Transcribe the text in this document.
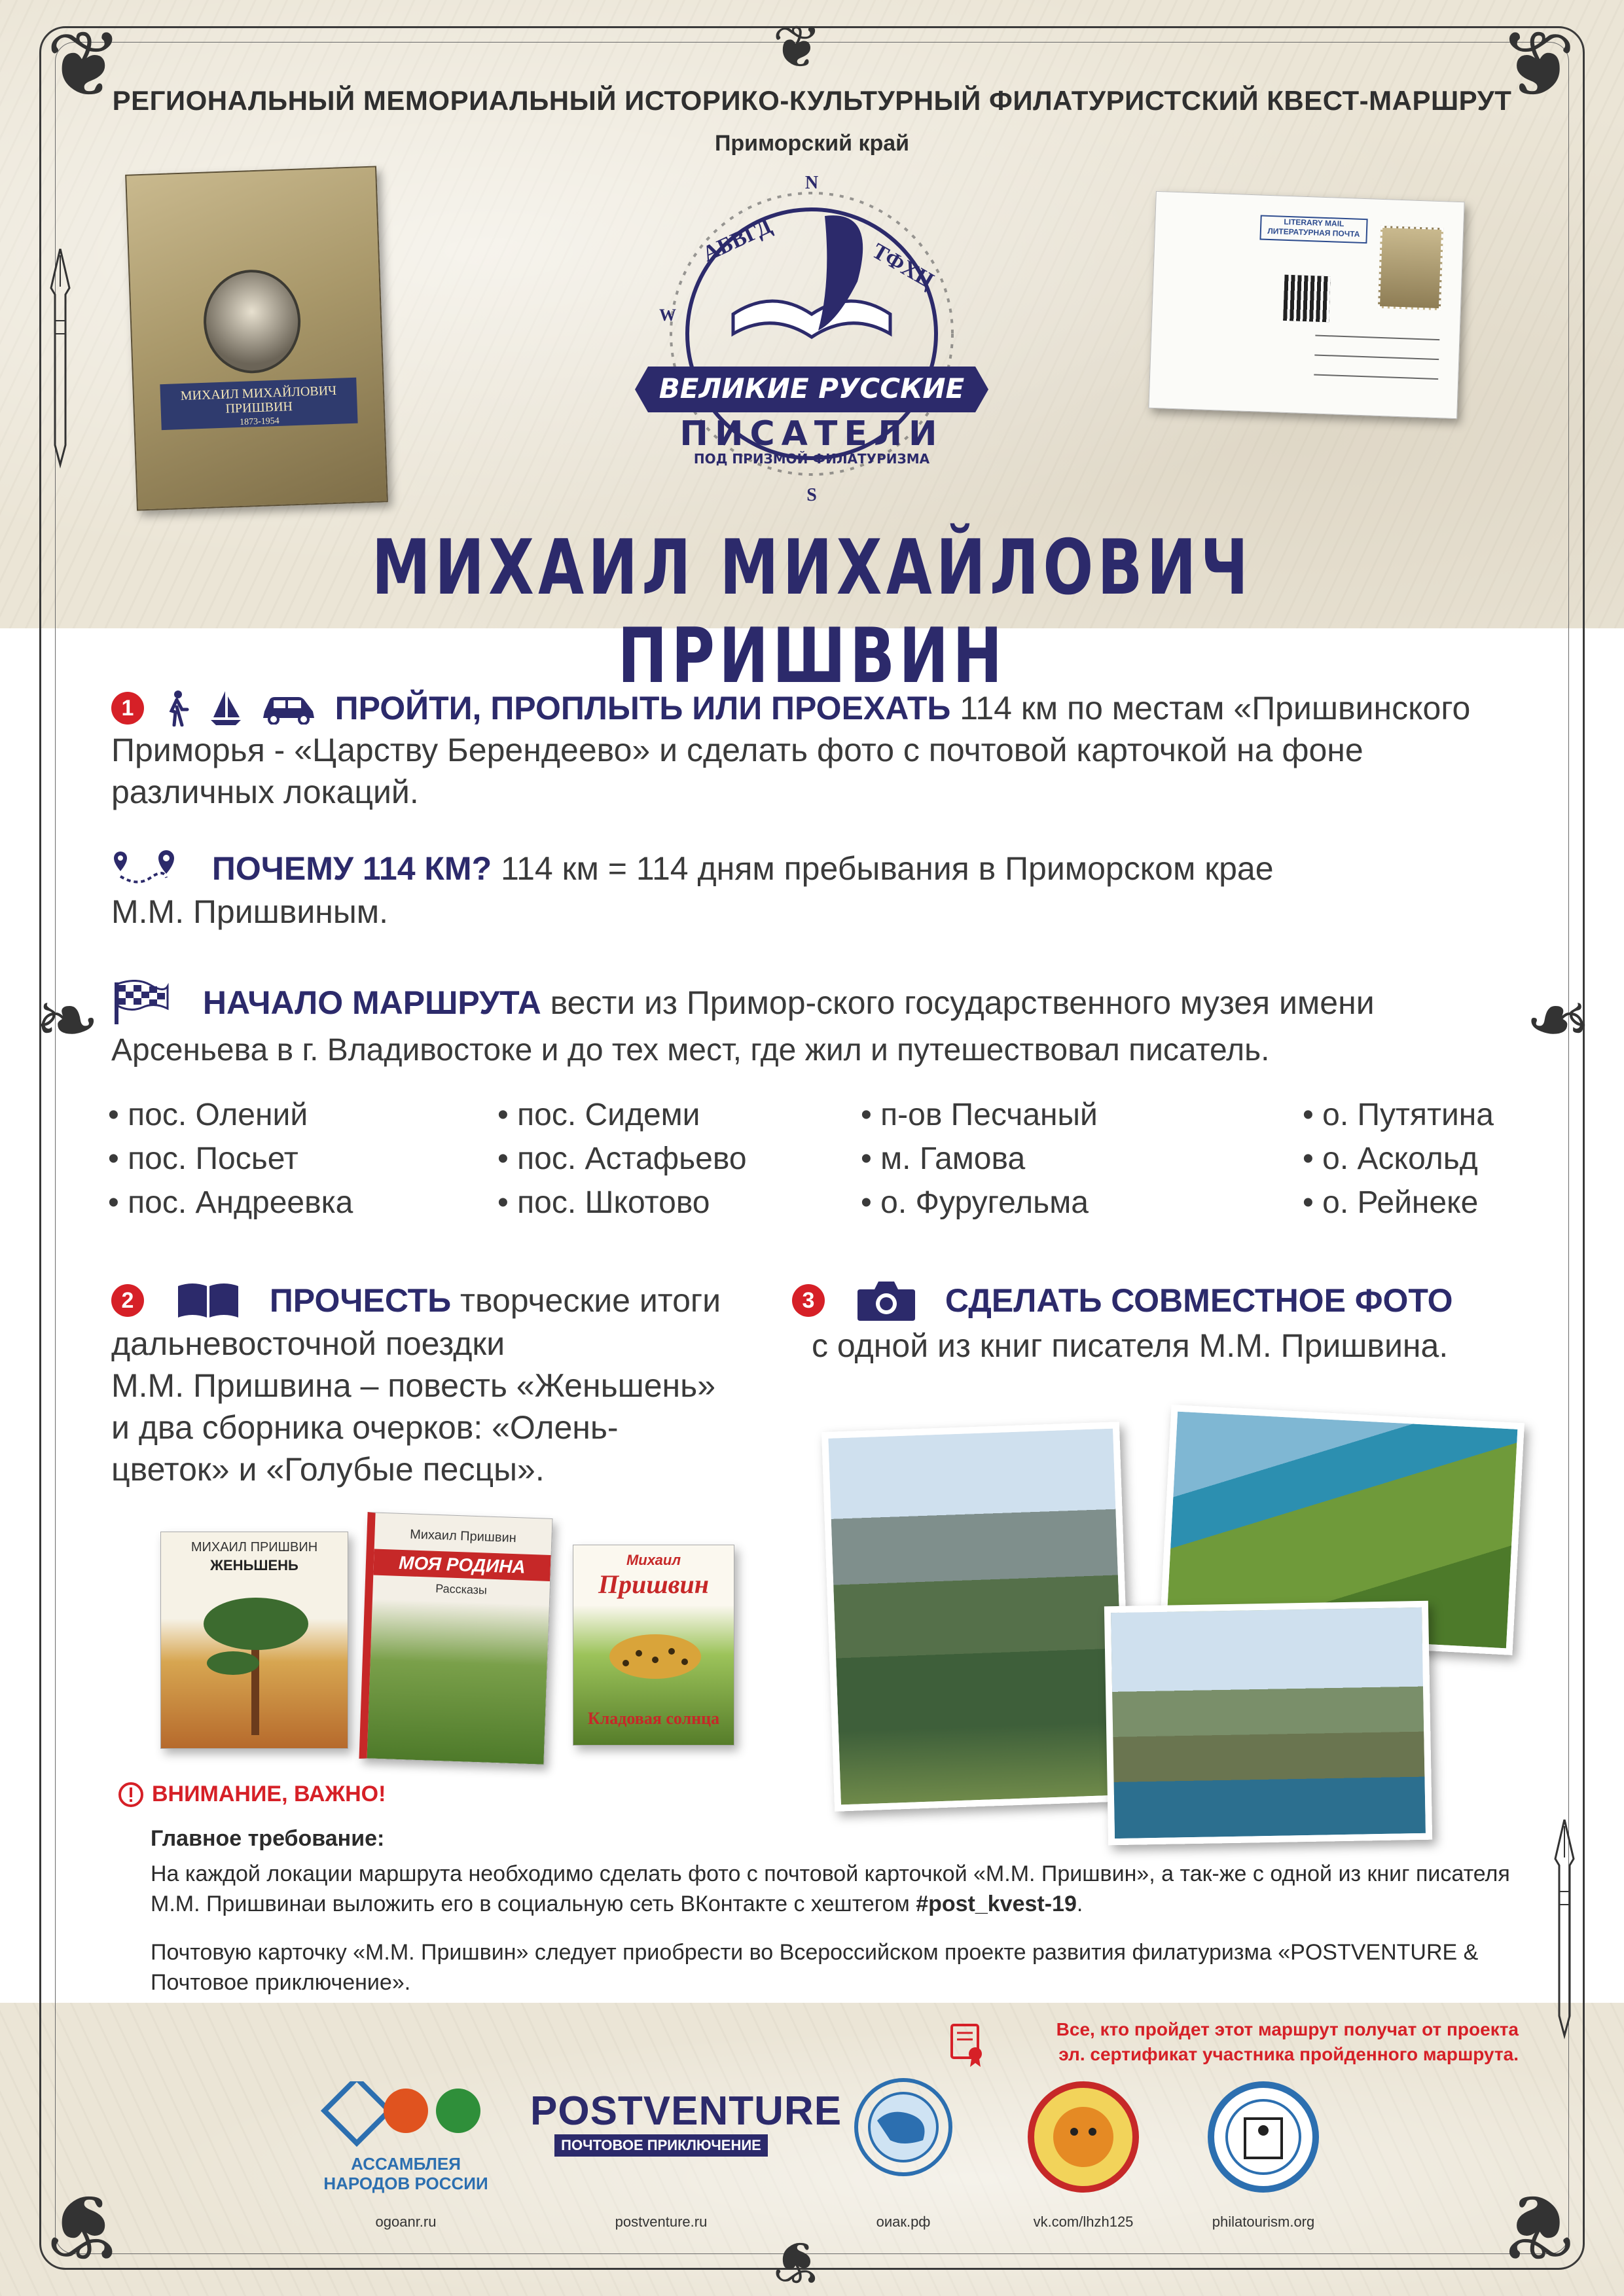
❦	❦
❦	❦
❧	❧
❦
❦
РЕГИОНАЛЬНЫЙ МЕМОРИАЛЬНЫЙ ИСТОРИКО-КУЛЬТУРНЫЙ ФИЛАТУРИСТСКИЙ КВЕСТ-МАРШРУТ
Приморский край
МИХАИЛ МИХАЙЛОВИЧ
ПРИШВИН
1873-1954
N
S
W
АБВГД	ТФХЦ
ВЕЛИКИЕ РУССКИЕ
ПИСАТЕЛИ
ПОД ПРИЗМОЙ ФИЛАТУРИЗМА
LITERARY MAIL ЛИТЕРАТУРНАЯ ПОЧТА
МИХАИЛ МИХАЙЛОВИЧ ПРИШВИН
1	ПРОЙТИ, ПРОПЛЫТЬ ИЛИ ПРОЕХАТЬ 114 км по местам «Пришвинского
Приморья - «Царству Берендеево» и сделать фото с почтовой карточкой на фоне
различных локаций.
ПОЧЕМУ 114 КМ? 114 км = 114 дням пребывания в Приморском крае
М.М. Пришвиным.
НАЧАЛО МАРШРУТА вести из Примор-ского государственного музея имени
Арсеньева в г. Владивостоке и до тех мест, где жил и путешествовал писатель.
• пос. Олений
• пос. Посьет
• пос. Андреевка
• пос. Сидеми
• пос. Астафьево
• пос. Шкотово
• п-ов Песчаный
• м. Гамова
• о. Фуругельма
• о. Путятина
• о. Аскольд
• о. Рейнеке
2	ПРОЧЕСТЬ творческие итоги
дальневосточной поездки
М.М. Пришвина – повесть «Женьшень»
и два сборника очерков: «Олень-
цветок» и «Голубые песцы».
3	СДЕЛАТЬ СОВМЕСТНОЕ ФОТО
с одной из книг писателя М.М. Пришвина.
МИХАИЛ ПРИШВИН
ЖЕНЬШЕНЬ
Михаил Пришвин
МОЯ РОДИНА
Рассказы
Михаил
Пришвин
Кладовая солнца
ВНИМАНИЕ, ВАЖНО!
Главное требование:
На каждой локации маршрута необходимо сделать фото с почтовой карточкой «М.М. Пришвин», а так-же с одной из книг писателя М.М. Пришвинаи выложить его в социальную сеть ВКонтакте с хештегом #post_kvest-19.
Почтовую карточку «М.М. Пришвин» следует приобрести во Всероссийском проекте развития филатуризма «POSTVENTURE & Почтовое приключение».
Все, кто пройдет этот маршрут получат от проекта
эл. сертификат участника пройденного маршрута.
АССАМБЛЕЯ НАРОДОВ РОССИИ
ogoanr.ru
POSTVENTURE
ПОЧТОВОЕ ПРИКЛЮЧЕНИЕ
postventure.ru	оиак.рф	vk.com/lhzh125	philatourism.org
